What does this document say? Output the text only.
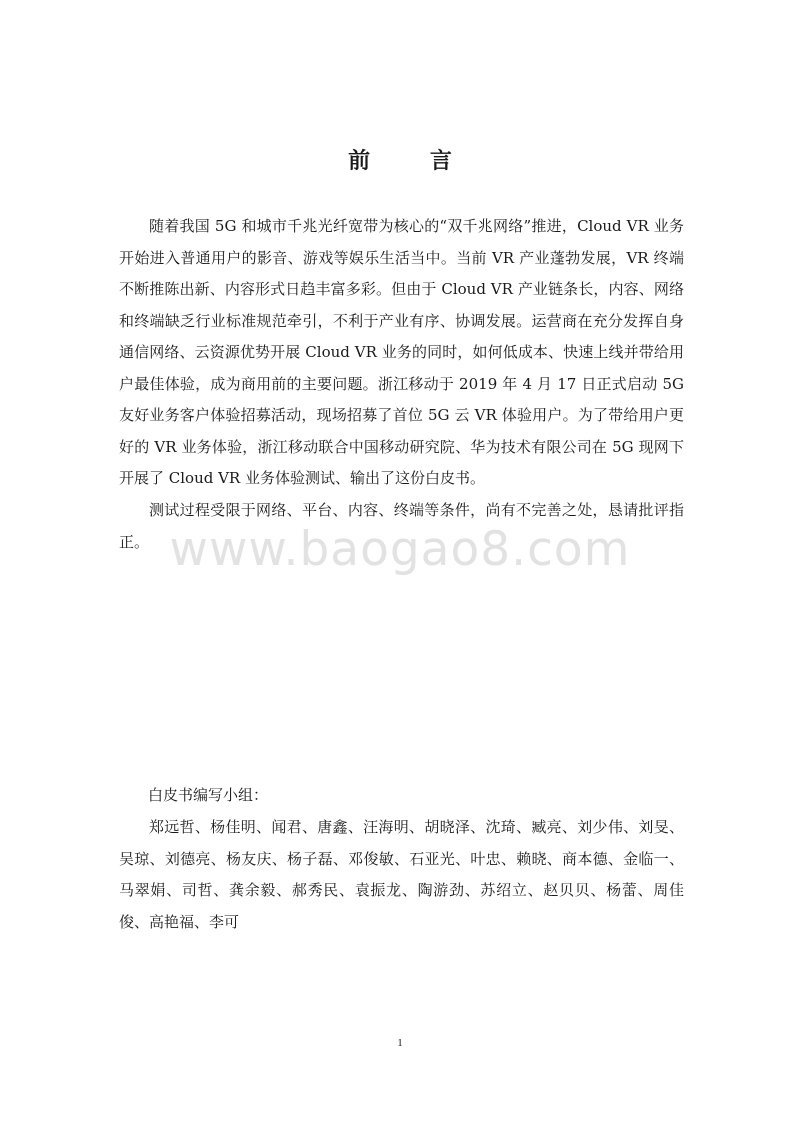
前 言

随着我国 5G 和城市千兆光纤宽带为核心的“双千兆网络”推进，Cloud VR 业务开始进入普通用户的影音、游戏等娱乐生活当中。当前 VR 产业蓬勃发展，VR 终端不断推陈出新、内容形式日趋丰富多彩。但由于 Cloud VR 产业链条长，内容、网络和终端缺乏行业标准规范牵引，不利于产业有序、协调发展。运营商在充分发挥自身通信网络、云资源优势开展 Cloud VR 业务的同时，如何低成本、快速上线并带给用户最佳体验，成为商用前的主要问题。浙江移动于 2019 年 4 月 17 日正式启动 5G 友好业务客户体验招募活动，现场招募了首位 5G 云 VR 体验用户。为了带给用户更好的 VR 业务体验，浙江移动联合中国移动研究院、华为技术有限公司在 5G 现网下开展了 Cloud VR 业务体验测试、输出了这份白皮书。

测试过程受限于网络、平台、内容、终端等条件，尚有不完善之处，恳请批评指正。 www.baogao8.com

白皮书编写小组：

郑远哲、杨佳明、闻君、唐鑫、汪海明、胡晓泽、沈琦、臧亮、刘少伟、刘旻、吴琼、刘德亮、杨友庆、杨子磊、邓俊敏、石亚光、叶忠、赖晓、商本德、金临一、马翠娟、司哲、龚余毅、郝秀民、袁振龙、陶游劲、苏绍立、赵贝贝、杨蕾、周佳俊、高艳福、李可

1
